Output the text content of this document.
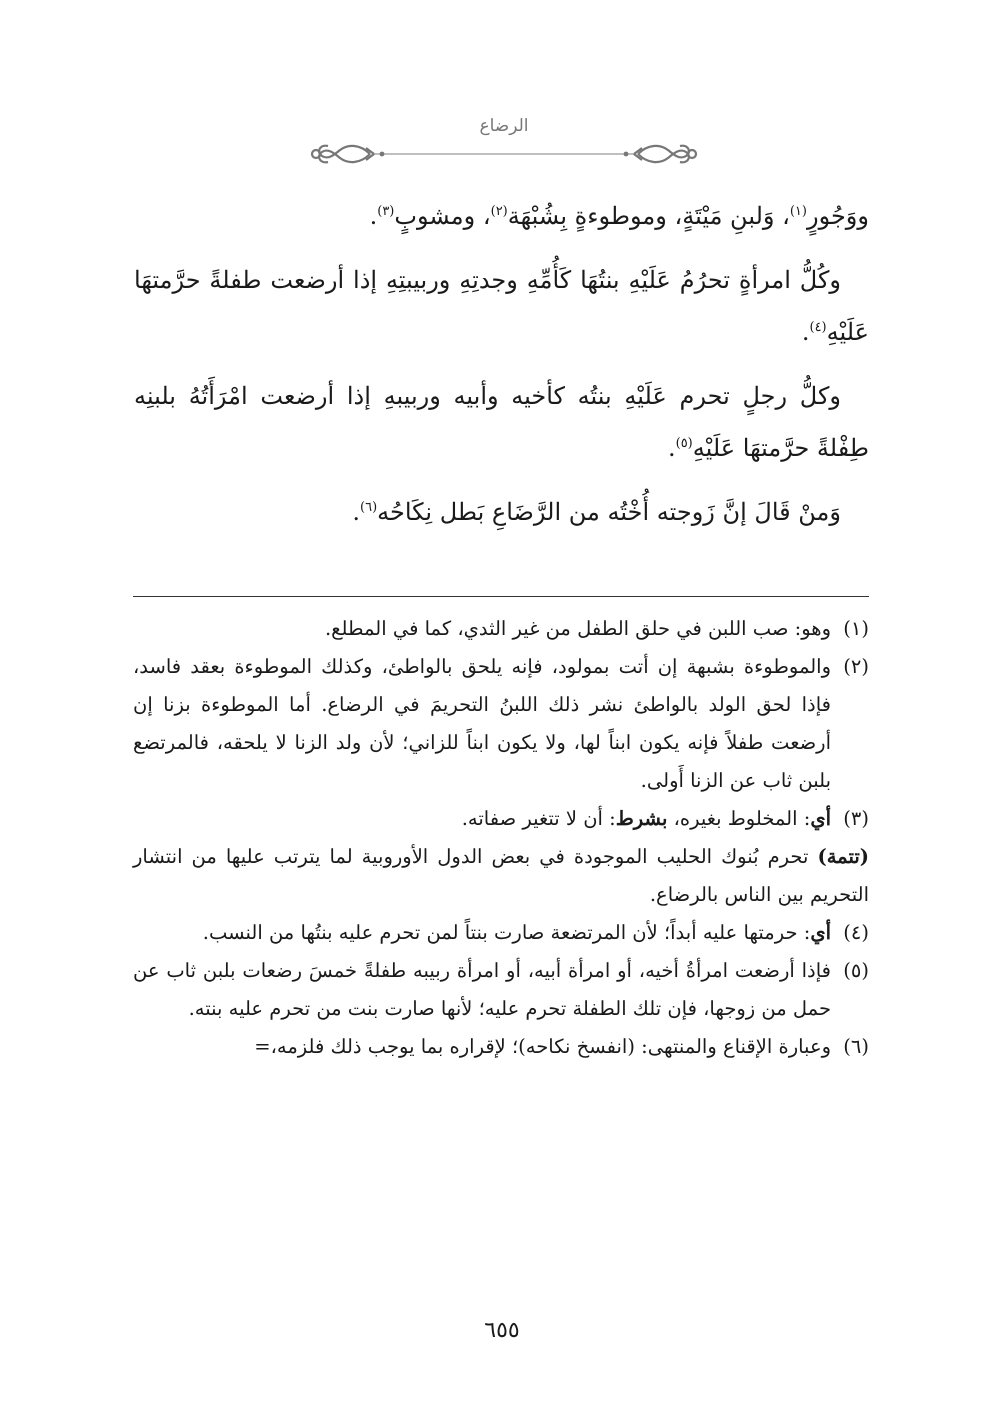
الرضاع

ووَجُورٍ$^{(١)}$، وَلبنِ مَيْتَةٍ، وموطوءةٍ بِشُبْهَة$^{(٢)}$، ومشوبٍ$^{(٣)}$.

وكُلُّ امرأةٍ تحرُمُ عَلَيْهِ بنتُهَا كَأُمِّهِ وجدتِهِ وربيبتِهِ إذا أرضعت طفلةً حرَّمتهَا عَلَيْهِ$^{(٤)}$.

وكلُّ رجلٍ تحرم عَلَيْهِ بنتُه كأخيه وأبيه وربيبهِ إذا أرضعت امْرَأَتُهُ بلبنِه طِفْلةً حرَّمتهَا عَلَيْهِ$^{(٥)}$.

وَمنْ قَالَ إنَّ زَوجته أُخْتُه من الرَّضَاعِ بَطل نِكَاحُه$^{(٦)}$.

(١)
وهو: صب اللبن في حلق الطفل من غير الثدي، كما في المطلع.
(٢)
والموطوءة بشبهة إن أتت بمولود، فإنه يلحق بالواطئ، وكذلك الموطوءة بعقد فاسد، فإذا لحق الولد بالواطئ نشر ذلك اللبنُ التحريمَ في الرضاع. أما الموطوءة بزنا إن أرضعت طفلاً فإنه يكون ابناً لها، ولا يكون ابناً للزاني؛ لأن ولد الزنا لا يلحقه، فالمرتضع بلبن ثاب عن الزنا أَولى.
(٣)
أي: المخلوط بغيره، بشرط: أن لا تتغير صفاته.
(تتمة) تحرم بُنوك الحليب الموجودة في بعض الدول الأوروبية لما يترتب عليها من انتشار التحريم بين الناس بالرضاع.
(٤)
أي: حرمتها عليه أبداً؛ لأن المرتضعة صارت بنتاً لمن تحرم عليه بنتُها من النسب.
(٥)
فإذا أرضعت امرأةُ أخيه، أو امرأة أبيه، أو امرأة ربيبه طفلةً خمسَ رضعات بلبن ثاب عن حمل من زوجها، فإن تلك الطفلة تحرم عليه؛ لأنها صارت بنت من تحرم عليه بنته.
(٦)
وعبارة الإقناع والمنتهى: (انفسخ نكاحه)؛ لإقراره بما يوجب ذلك فلزمه،=
٦٥٥
